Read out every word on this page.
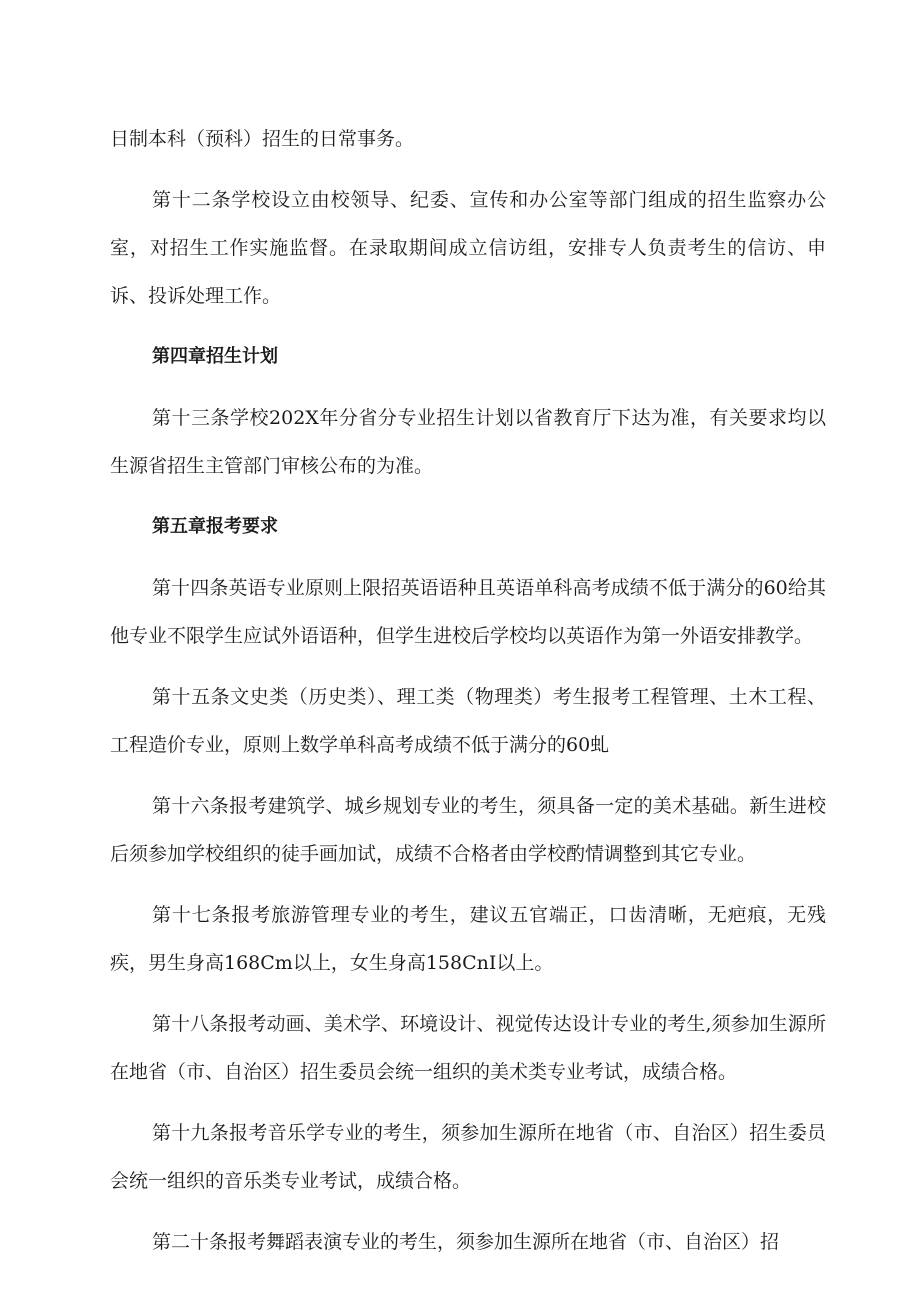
日制本科（预科）招生的日常事务。

第十二条学校设立由校领导、纪委、宣传和办公室等部门组成的招生监察办公室，对招生工作实施监督。在录取期间成立信访组，安排专人负责考生的信访、申诉、投诉处理工作。

第四章招生计划

第十三条学校202X年分省分专业招生计划以省教育厅下达为准，有关要求均以生源省招生主管部门审核公布的为准。

第五章报考要求

第十四条英语专业原则上限招英语语种且英语单科高考成绩不低于满分的60给其他专业不限学生应试外语语种，但学生进校后学校均以英语作为第一外语安排教学。

第十五条文史类（历史类）、理工类（物理类）考生报考工程管理、土木工程、工程造价专业，原则上数学单科高考成绩不低于满分的60虬

第十六条报考建筑学、城乡规划专业的考生，须具备一定的美术基础。新生进校后须参加学校组织的徒手画加试，成绩不合格者由学校酌情调整到其它专业。

第十七条报考旅游管理专业的考生，建议五官端正，口齿清晰，无疤痕，无残疾，男生身高168Cm以上，女生身高158CnI以上。

第十八条报考动画、美术学、环境设计、视觉传达设计专业的考生,须参加生源所在地省（市、自治区）招生委员会统一组织的美术类专业考试，成绩合格。

第十九条报考音乐学专业的考生，须参加生源所在地省（市、自治区）招生委员会统一组织的音乐类专业考试，成绩合格。

第二十条报考舞蹈表演专业的考生，须参加生源所在地省（市、自治区）招
